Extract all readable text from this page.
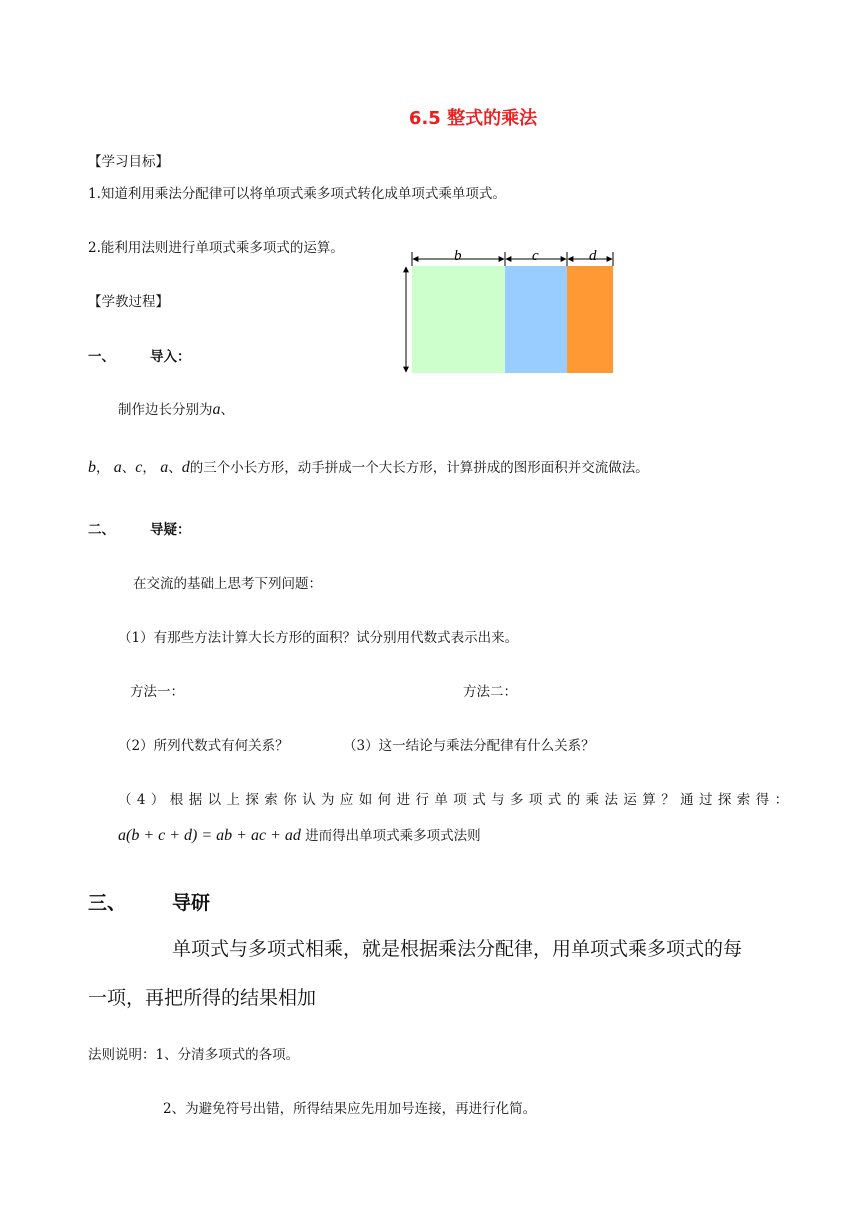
6.5 整式的乘法
【学习目标】
1.知道利用乘法分配律可以将单项式乘多项式转化成单项式乘单项式。
2.能利用法则进行单项式乘多项式的运算。	b	c	d
【学教过程】
一、	导入：
制作边长分别为a、
b， a、c， a、d的三个小长方形，动手拼成一个大长方形，计算拼成的图形面积并交流做法。
二、	导疑：
在交流的基础上思考下列问题：
（1）有那些方法计算大长方形的面积？试分别用代数式表示出来。
方法一：	方法二：
（2）所列代数式有何关系？	（3）这一结论与乘法分配律有什么关系？
（4）根据以上探索你认为应如何进行单项式与多项式的乘法运算？通过探索得：
a(b + c + d) = ab + ac + ad 进而得出单项式乘多项式法则
三、 导研
单项式与多项式相乘，就是根据乘法分配律，用单项式乘多项式的每
一项，再把所得的结果相加
法则说明：1、分清多项式的各项。
2、为避免符号出错，所得结果应先用加号连接，再进行化简。
